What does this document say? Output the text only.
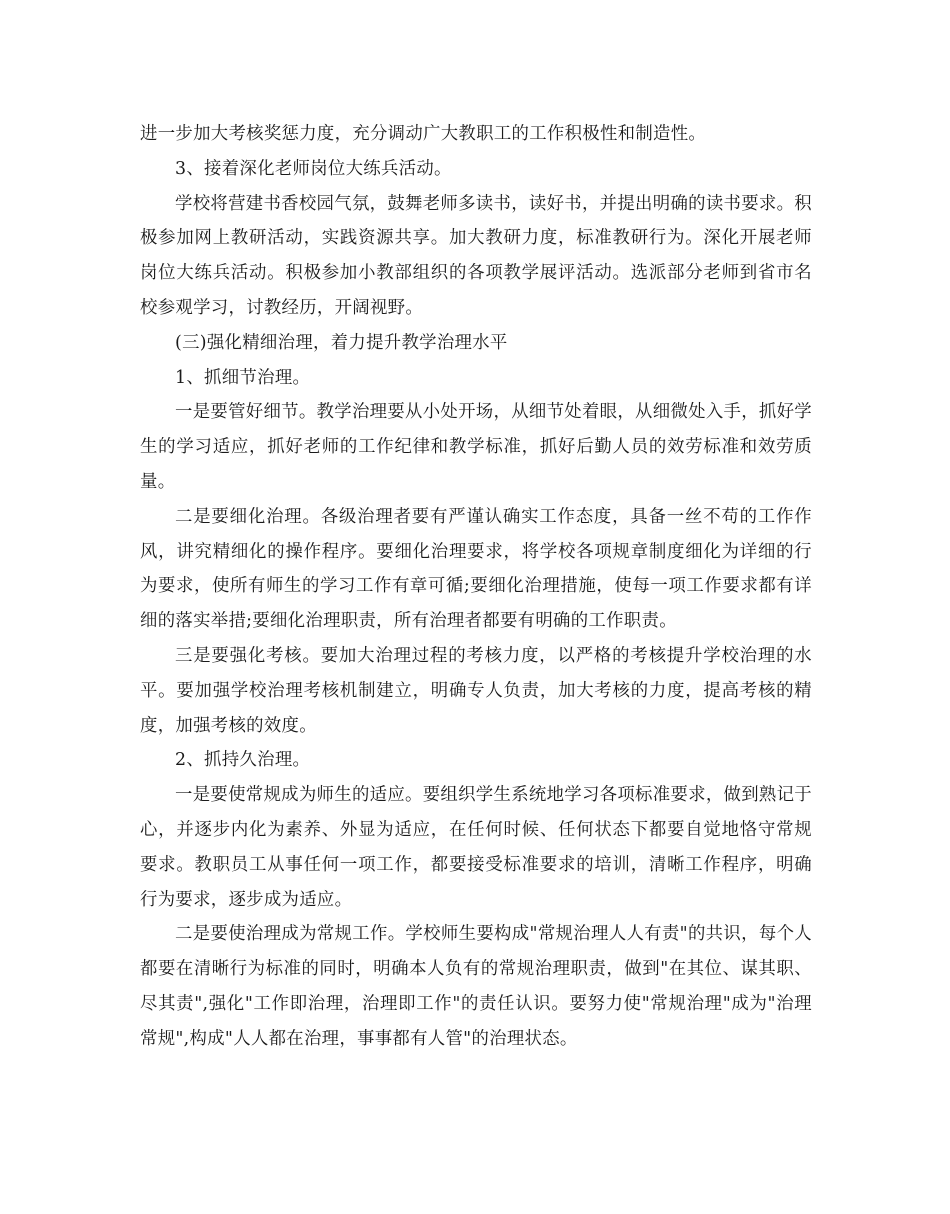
进一步加大考核奖惩力度，充分调动广大教职工的工作积极性和制造性。

3、接着深化老师岗位大练兵活动。

学校将营建书香校园气氛，鼓舞老师多读书，读好书，并提出明确的读书要求。积极参加网上教研活动，实践资源共享。加大教研力度，标准教研行为。深化开展老师岗位大练兵活动。积极参加小教部组织的各项教学展评活动。选派部分老师到省市名校参观学习，讨教经历，开阔视野。

(三)强化精细治理，着力提升教学治理水平

1、抓细节治理。

一是要管好细节。教学治理要从小处开场，从细节处着眼，从细微处入手，抓好学生的学习适应，抓好老师的工作纪律和教学标准，抓好后勤人员的效劳标准和效劳质量。

二是要细化治理。各级治理者要有严谨认确实工作态度，具备一丝不苟的工作作风，讲究精细化的操作程序。要细化治理要求，将学校各项规章制度细化为详细的行为要求，使所有师生的学习工作有章可循;要细化治理措施，使每一项工作要求都有详细的落实举措;要细化治理职责，所有治理者都要有明确的工作职责。

三是要强化考核。要加大治理过程的考核力度，以严格的考核提升学校治理的水平。要加强学校治理考核机制建立，明确专人负责，加大考核的力度，提高考核的精度，加强考核的效度。

2、抓持久治理。

一是要使常规成为师生的适应。要组织学生系统地学习各项标准要求，做到熟记于心，并逐步内化为素养、外显为适应，在任何时候、任何状态下都要自觉地恪守常规要求。教职员工从事任何一项工作，都要接受标准要求的培训，清晰工作程序，明确行为要求，逐步成为适应。

二是要使治理成为常规工作。学校师生要构成"常规治理人人有责"的共识，每个人都要在清晰行为标准的同时，明确本人负有的常规治理职责，做到"在其位、谋其职、尽其责",强化"工作即治理，治理即工作"的责任认识。要努力使"常规治理"成为"治理常规",构成"人人都在治理，事事都有人管"的治理状态。
